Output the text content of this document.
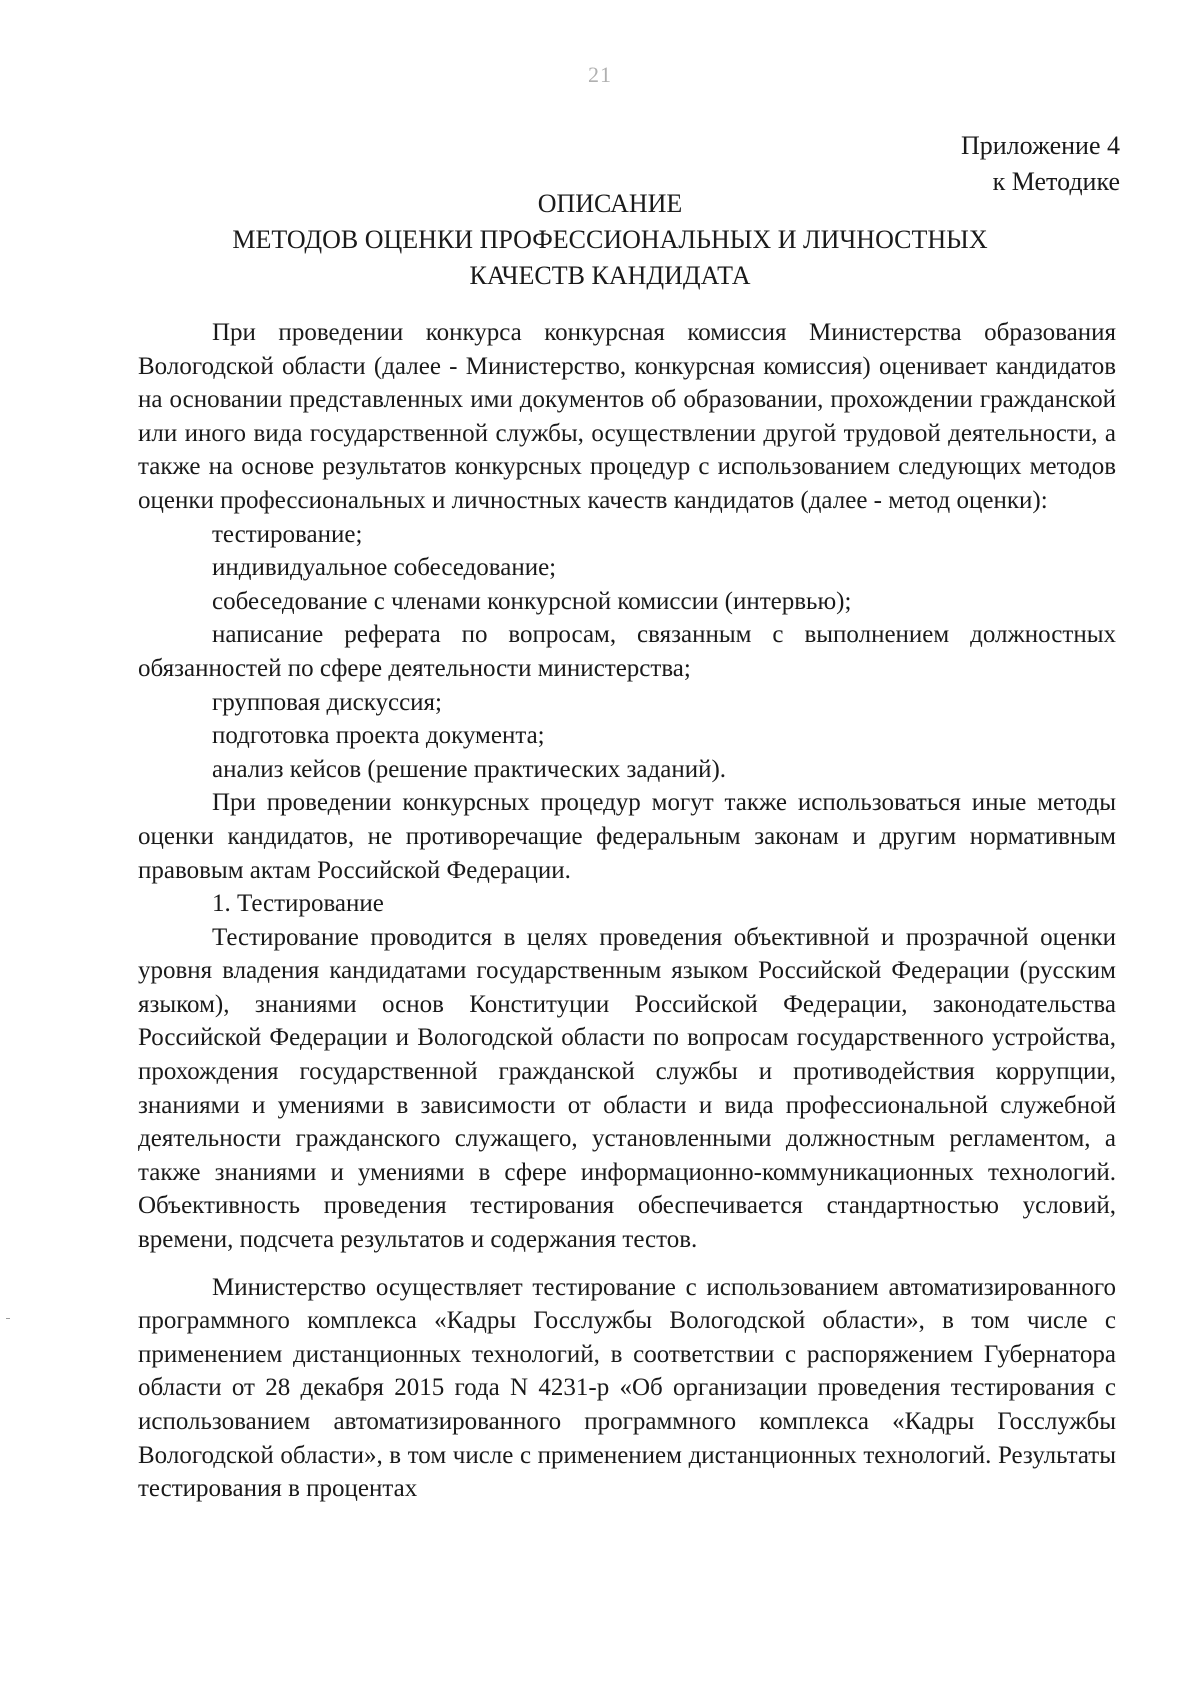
21
Приложение 4
к Методике
ОПИСАНИЕ
МЕТОДОВ ОЦЕНКИ ПРОФЕССИОНАЛЬНЫХ И ЛИЧНОСТНЫХ
КАЧЕСТВ КАНДИДАТА

При проведении конкурса конкурсная комиссия Министерства образования Вологодской области (далее - Министерство, конкурсная комиссия) оценивает кандидатов на основании представленных ими документов об образовании, прохождении гражданской или иного вида государственной службы, осуществлении другой трудовой деятельности, а также на основе результатов конкурсных процедур с использованием следующих методов оценки профессиональных и личностных качеств кандидатов (далее - метод оценки):

тестирование;

индивидуальное собеседование;

собеседование с членами конкурсной комиссии (интервью);

написание реферата по вопросам, связанным с выполнением должностных обязанностей по сфере деятельности министерства;

групповая дискуссия;

подготовка проекта документа;

анализ кейсов (решение практических заданий).

При проведении конкурсных процедур могут также использоваться иные методы оценки кандидатов, не противоречащие федеральным законам и другим нормативным правовым актам Российской Федерации.

1. Тестирование

Тестирование проводится в целях проведения объективной и прозрачной оценки уровня владения кандидатами государственным языком Российской Федерации (русским языком), знаниями основ Конституции Российской Федерации, законодательства Российской Федерации и Вологодской области по вопросам государственного устройства, прохождения государственной гражданской службы и противодействия коррупции, знаниями и умениями в зависимости от области и вида профессиональной служебной деятельности гражданского служащего, установленными должностным регламентом, а также знаниями и умениями в сфере информационно-коммуникационных технологий. Объективность проведения тестирования обеспечивается стандартностью условий, времени, подсчета результатов и содержания тестов.

Министерство осуществляет тестирование с использованием автоматизированного программного комплекса «Кадры Госслужбы Вологодской области», в том числе с применением дистанционных технологий, в соответствии с распоряжением Губернатора области от 28 декабря 2015 года N 4231-р «Об организации проведения тестирования с использованием автоматизированного программного комплекса «Кадры Госслужбы Вологодской области», в том числе с применением дистанционных технологий. Результаты тестирования в процентах
